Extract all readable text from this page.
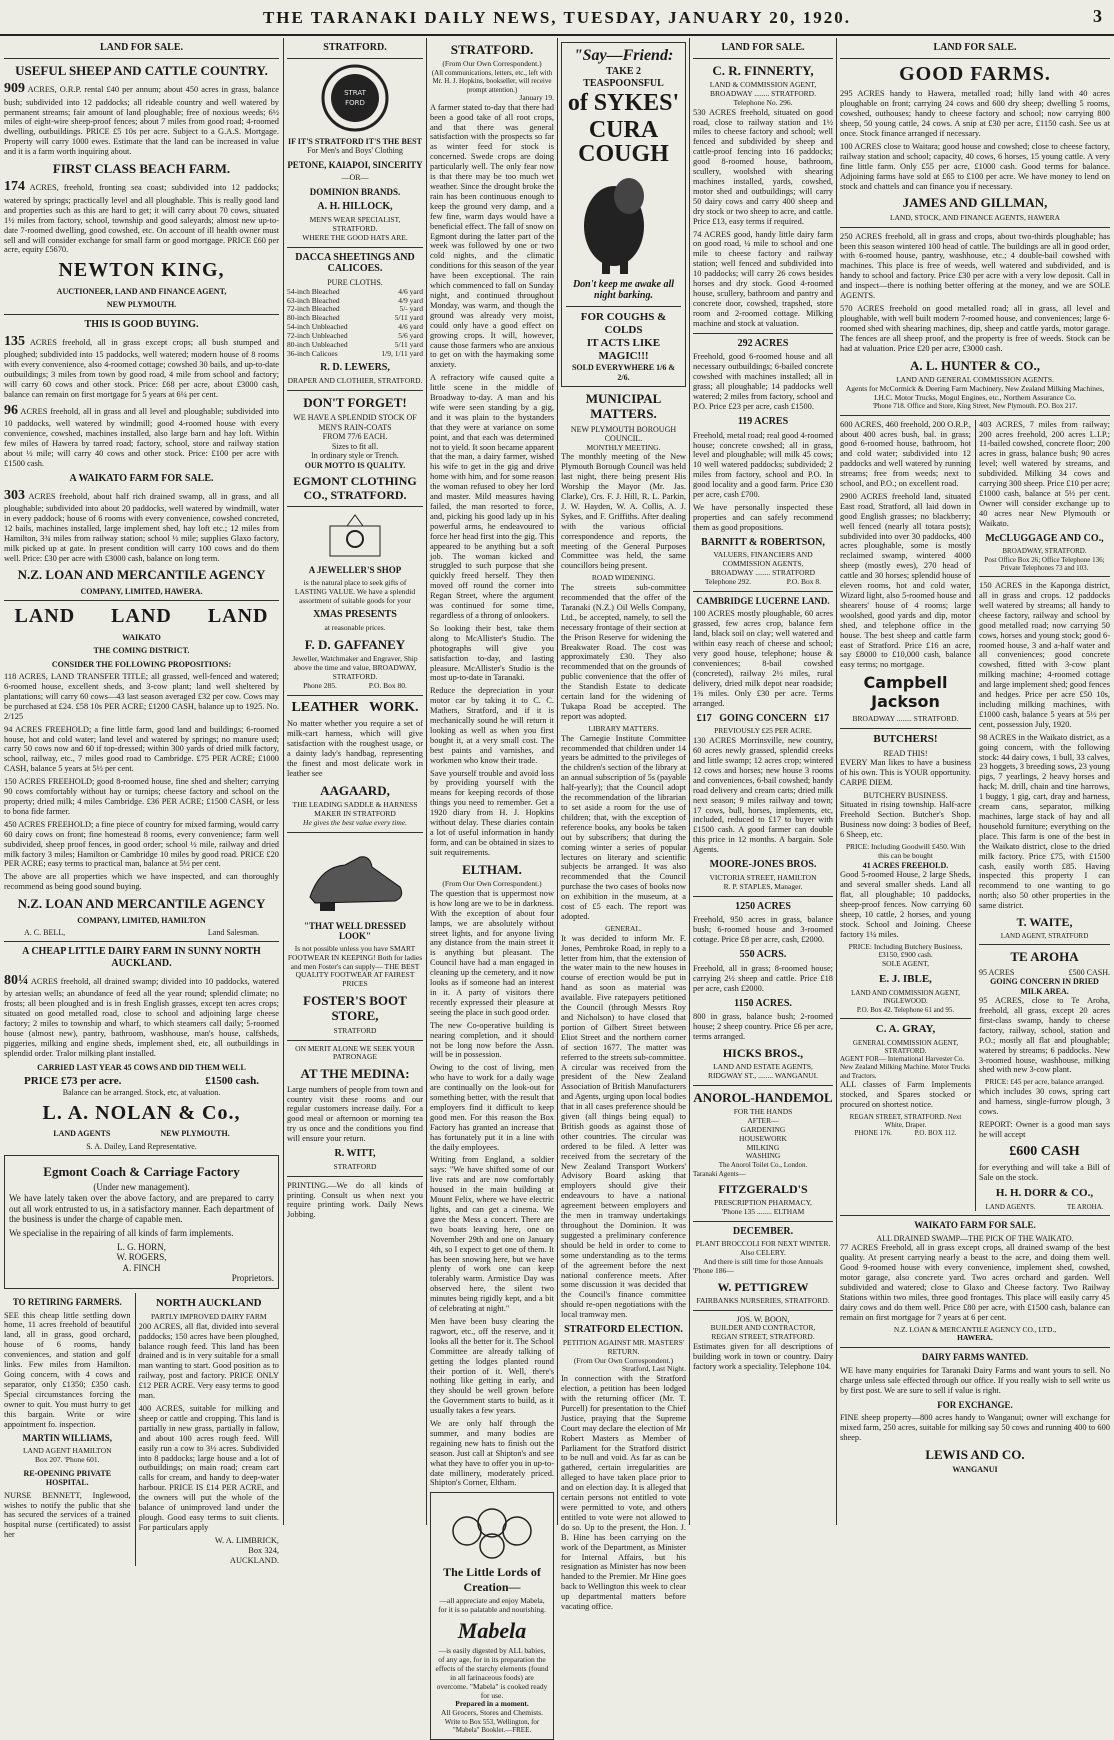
THE TARANAKI DAILY NEWS, TUESDAY, JANUARY 20, 1920.	3
LAND FOR SALE.
USEFUL SHEEP AND CATTLE COUNTRY.

909 ACRES, O.R.P. rental £40 per annum; about 450 acres in grass, balance bush; subdivided into 12 paddocks; all rideable country and well watered by permanent streams; fair amount of land ploughable; free of noxious weeds; 6½ miles of eight-wire sheep-proof fences; about 7 miles from good road; 4-roomed dwelling, outbuildings. PRICE £5 10s per acre. Subject to a G.A.S. Mortgage. Property will carry 1000 ewes. Estimate that the land can be increased in value and it is a farm worth inquiring about.

FIRST CLASS BEACH FARM.

174 ACRES, freehold, fronting sea coast; subdivided into 12 paddocks; watered by springs; practically level and all ploughable. This is really good land and properties such as this are hard to get; it will carry about 70 cows, situated 1½ miles from factory, school, township and good saleyards; almost new up-to-date 7-roomed dwelling, good cowshed, etc. On account of ill health owner must sell and will consider exchange for small farm or good mortgage. PRICE £60 per acre, equity £5670.

NEWTON KING,
AUCTIONEER, LAND AND FINANCE AGENT,
NEW PLYMOUTH.
THIS IS GOOD BUYING.

135 ACRES freehold, all in grass except crops; all bush stumped and ploughed; subdivided into 15 paddocks, well watered; modern house of 8 rooms with every convenience, also 4-roomed cottage; cowshed 30 bails, and up-to-date outbuildings; 3 miles from town by good road, 4 mile from school and factory; will carry 60 cows and other stock. Price: £68 per acre, about £3000 cash, balance can remain on first mortgage for 5 years at 6¼ per cent.

96 ACRES freehold, all in grass and all level and ploughable; subdivided into 10 paddocks, well watered by windmill; good 4-roomed house with every convenience, cowshed, machines installed, also large barn and hay loft. Within few miles of Hawera by tarred road; factory, school, store and railway station about ½ mile; will carry 40 cows and other stock. Price: £100 per acre with £1500 cash.

A WAIKATO FARM FOR SALE.

303 ACRES freehold, about half rich drained swamp, all in grass, and all ploughable; subdivided into about 20 paddocks, well watered by windmill, water in every paddock; house of 6 rooms with every convenience, cowshed concreted, 12 bails, machines installed, large implement shed, hay loft etc.; 12 miles from Hamilton, 3¾ miles from railway station; school ½ mile; supplies Glaxo factory, milk picked up at gate. In present condition will carry 100 cows and do them well. Price: £30 per acre with £3000 cash, balance on long term.

N.Z. LOAN AND MERCANTILE AGENCY
COMPANY, LIMITED, HAWERA.
LAND LAND LAND
WAIKATO
THE COMING DISTRICT.
CONSIDER THE FOLLOWING PROPOSITIONS:

118 ACRES, LAND TRANSFER TITLE; all grassed, well-fenced and watered; 6-roomed house, excellent sheds, and 3-cow plant; land well sheltered by plantations; will carry 60 cows—43 last season averaged £32 per cow. Cows may be purchased at £24. £58 10s PER ACRE; £1200 CASH, balance up to 1925. No. 2/125

94 ACRES FREEHOLD; a fine little farm, good land and buildings; 6-roomed house, hot and cold water; land level and watered by springs; no manure used; carry 50 cows now and 60 if top-dressed; within 300 yards of dried milk factory, school, railway, etc., 7 miles good road to Cambridge. £75 PER ACRE; £1000 CASH, balance 5 years at 5½ per cent.

150 ACRES FREEHOLD; good 8-roomed house, fine shed and shelter; carrying 90 cows comfortably without hay or turnips; cheese factory and school on the property; dried milk; 4 miles Cambridge. £36 PER ACRE; £1500 CASH, or less to bona fide farmer.

450 ACRES FREEHOLD; a fine piece of country for mixed farming, would carry 60 dairy cows on front; fine homestead 8 rooms, every convenience; farm well subdivided, sheep proof fences, in good order; school ½ mile, railway and dried milk factory 3 miles; Hamilton or Cambridge 10 miles by good road. PRICE £20 PER ACRE; easy terms to practical man, balance at 5½ per cent.

The above are all properties which we have inspected, and can thoroughly recommend as being good sound buying.

N.Z. LOAN AND MERCANTILE AGENCY
COMPANY, LIMITED, HAMILTON
A. C. BELL,	Land Salesman.
A CHEAP LITTLE DAIRY FARM IN SUNNY NORTH AUCKLAND.

80¼ ACRES freehold, all drained swamp; divided into 10 paddocks, watered by artesian wells; an abundance of feed all the year round; splendid climate; no frosts; all been ploughed and is in fresh English grasses, except ten acres crops; situated on good metalled road, close to school and adjoining large cheese factory; 2 miles to township and wharf, to which steamers call daily; 5-roomed house (almost new), pantry, bathroom, washhouse, man's house, calfsheds, piggeries, milking and engine sheds, implement shed, etc, all outbuildings in splendid order. Tralor milking plant installed.

CARRIED LAST YEAR 45 COWS AND DID THEM WELL
PRICE £73 per acre.	£1500 cash.
Balance can be arranged. Stock, etc, at valuation.
L. A. NOLAN & Co.,
LAND AGENTS                         NEW PLYMOUTH.
S. A. Dailey, Land Representative.
Egmont Coach & Carriage Factory
(Under new management).

We have lately taken over the above factory, and are prepared to carry out all work entrusted to us, in a satisfactory manner. Each department of the business is under the charge of capable men.

We specialise in the repairing of all kinds of farm implements.

L. G. HORN,
W. ROGERS,
A. FINCH
Proprietors.
TO RETIRING FARMERS.

SEE this cheap little settling down home, 11 acres freehold of beautiful land, all in grass, good orchard, house of 6 rooms, handy conveniences, and station and golf links. Few miles from Hamilton. Going concern, with 4 cows and separator, only £1350; £350 cash. Special circumstances forcing the owner to quit. You must hurry to get this bargain. Write or wire appointment fo. inspection.

MARTIN WILLIAMS,
LAND AGENT HAMILTON
Box 207. 'Phone 601.
RE-OPENING PRIVATE HOSPITAL.

NURSE BENNETT, Inglewood, wishes to notify the public that she has secured the services of a trained hospital nurse (certificated) to assist her

NORTH AUCKLAND
PARTLY IMPROVED DAIRY FARM

200 ACRES, all flat, divided into several paddocks; 150 acres have been ploughed, balance rough feed. This land has been drained and is in very suitable for a small man wanting to start. Good position as to railway, post and factory. PRICE ONLY £12 PER ACRE. Very easy terms to good man.

400 ACRES, suitable for milking and sheep or cattle and cropping. This land is partially in new grass, partially in fallow, and about 100 acres rough feed. Will easily run a cow to 3½ acres. Subdivided into 8 paddocks; large house and a lot of outbuildings; on main road; cream cart calls for cream, and handy to deep-water harbour. PRICE IS £14 PER ACRE, and the owners will put the whole of the balance of unimproved land under the plough. Good easy terms to suit clients. For particulars apply

W. A. LIMBRICK,
Box 324,
AUCKLAND.
STRATFORD.
STRAT
FORD
IF IT'S STRATFORD IT'S THE BEST
For Men's and Boys' Clothing
PETONE, KAIAPOI, SINCERITY
—OR—
DOMINION BRANDS.
A. H. HILLOCK,
MEN'S WEAR SPECIALIST, STRATFORD.
WHERE THE GOOD HATS ARE.
DACCA SHEETINGS AND CALICOES.
PURE CLOTHS.
54-inch Bleached	4/6 yard
63-inch Bleached	4/9 yard
72-inch Bleached	5/- yard
80-inch Bleached	5/11 yard
54-inch Unbleached	4/6 yard
72-inch Unbleached	5/6 yard
80-inch Unbleached	5/11 yard
36-inch Calicoes	1/9, 1/11 yard
R. D. LEWERS,
DRAPER AND CLOTHIER, STRATFORD.
DON'T FORGET!
WE HAVE A SPLENDID STOCK OF MEN'S RAIN-COATS
FROM 77/6 EACH.
Sizes to fit all.
In ordinary style or Trench.
OUR MOTTO IS QUALITY.
EGMONT CLOTHING CO., STRATFORD.
A JEWELLER'S SHOP
is the natural place to seek gifts of LASTING VALUE. We have a splendid assortment of suitable goods for your
XMAS PRESENTS
at reasonable prices.
F. D. GAFFANEY
Jeweller, Watchmaker and Engraver, Ship above the time and value, BROADWAY, STRATFORD.
Phone 285.                 P.O. Box 80.
LEATHER   WORK.

No matter whether you require a set of milk-cart harness, which will give satisfaction with the roughest usage, or a dainty lady's handbag, representing the finest and most delicate work in leather see

AAGAARD,
THE LEADING SADDLE & HARNESS MAKER IN STRATFORD
He gives the best value every time.
"THAT WELL DRESSED LOOK"
Is not possible unless you have SMART FOOTWEAR IN KEEPING! Both for ladies and men Foster's can supply— THE BEST QUALITY FOOTWEAR AT FAIREST PRICES
FOSTER'S BOOT STORE,
STRATFORD
ON MERIT ALONE WE SEEK YOUR PATRONAGE
AT THE MEDINA:

Large numbers of people from town and country visit these rooms and our regular customers increase daily. For a good meal or afternoon or morning tea try us once and the conditions you find will ensure your return.

R. WITT,
STRATFORD

PRINTING.—We do all kinds of printing. Consult us when next you require printing work. Daily News Jobbing.

STRATFORD.
(From Our Own Correspondent.)
(All communications, letters, etc., left with Mr. H. J. Hopkins, bookseller, will receive prompt attention.)
January 19.

A farmer stated to-day that there had been a good take of all root crops, and that there was general satisfaction with the prospects so far as winter feed for stock is concerned. Swede crops are doing particularly well. The only fear now is that there may be too much wet weather. Since the drought broke the rain has been continuous enough to keep the ground very damp, and a few fine, warm days would have a beneficial effect. The fall of snow on Egmont during the latter part of the week was followed by one or two cold nights, and the climatic conditions for this season of the year have been exceptional. The rain which commenced to fall on Sunday night, and continued throughout Monday, was warm, and though the ground was already very moist, could only have a good effect on growing crops. It will, however, cause those farmers who are anxious to get on with the haymaking some anxiety.

A refractory wife caused quite a little scene in the middle of Broadway to-day. A man and his wife were seen standing by a gig, and it was plain to the bystanders that they were at variance on some point, and that each was determined not to yield. It soon became apparent that the man, a dairy farmer, wished his wife to get in the gig and drive home with him, and for some reason the woman refused to obey her lord and master. Mild measures having failed, the man resorted to force, and, picking his good lady up in his powerful arms, he endeavoured to force her head first into the gig. This appeared to be anything but a soft job. The woman kicked and struggled to such purpose that she quickly freed herself. They then moved off round the corner into Regan Street, where the argument was continued for some time, regardless of a throng of onlookers.

So looking their best, take them along to McAllister's Studio. The photographs will give you satisfaction to-day, and lasting pleasure. McAllister's Studio is the most up-to-date in Taranaki.

Reduce the depreciation in your motor car by taking it to C. C. Mathers, Stratford, and if it is mechanically sound he will return it looking as well as when you first bought it, at a very small cost. The best paints and varnishes, and workmen who know their trade.

Save yourself trouble and avoid loss by providing yourself with the means for keeping records of those things you need to remember. Get a 1920 diary from H. J. Hopkins without delay. These diaries contain a lot of useful information in handy form, and can be obtained in sizes to suit requirements.

ELTHAM.
(From Our Own Correspondent.)

The question that is uppermost now is how long are we to be in darkness. With the exception of about four lamps, we are absolutely without street lights, and for anyone living any distance from the main street it is anything but pleasant. The Council have had a man engaged in cleaning up the cemetery, and it now looks as if someone had an interest in it. A party of visitors there recently expressed their pleasure at seeing the place in such good order.

The new Co-operative building is nearing completion, and it should not be long now before the Assn. will be in possession.

Owing to the cost of living, men who have to work for a daily wage are continually on the look-out for something better, with the result that employers find it difficult to keep good men. For this reason the Box Factory has granted an increase that has fortunately put it in a line with the daily employees.

Writing from England, a soldier says: "We have shifted some of our live rats and are now comfortably housed in the main building at Mount Felix, where we have electric lights, and can get a cinema. We gave the Mess a concert. There are two boats leaving here, one on November 29th and one on January 4th, so I expect to get one of them. It has been snowing here, but we have plenty of work one can keep tolerably warm. Armistice Day was observed here, the silent two minutes being rigidly kept, and a bit of celebrating at night."

Men have been busy clearing the ragwort, etc., off the reserve, and it looks all the better for it. The School Committee are already talking of getting the lodges planted round their portion of it. Well, there's nothing like getting in early, and they should be well grown before the Government starts to build, as it usually takes a few years.

We are only half through the summer, and many bodies are regaining new hats to finish out the season. Just call at Shipton's and see what they have to offer you in up-to-date millinery, moderately priced. Shipton's Corner, Eltham.

The Little Lords of Creation—
—all appreciate and enjoy Mabela, for it is so palatable and nourishing.
Mabela
—is easily digested by ALL babies, of any age, for in its preparation the effects of the starchy elements (found in all farinaceous foods) are overcome. "Mabela" is cooked ready for use.
Prepared in a moment.
All Grocers, Stores and Chemists.
Write to Box 553, Wellington, for "Mabela" Booklet.—FREE.
"Say—Friend:
TAKE 2 TEASPOONSFUL
of SYKES'
CURA COUGH
Don't keep me awake all night barking.
FOR COUGHS & COLDS
IT ACTS LIKE MAGIC!!!
SOLD EVERYWHERE 1/6 & 2/6.
MUNICIPAL MATTERS.
NEW PLYMOUTH BOROUGH COUNCIL.
MONTHLY MEETING.

The monthly meeting of the New Plymouth Borough Council was held last night, there being present His Worship the Mayor (Mr. Jas. Clarke), Crs. F. J. Hill, R. L. Parkin, J. W. Hayden, W. A. Collis, A. J. Sykes, and F. Griffiths. After dealing with the various official correspondence and reports, the meeting of the General Purposes Committee was held, the same councillors being present.

ROAD WIDENING.

The streets sub-committee recommended that the offer of the Taranaki (N.Z.) Oil Wells Company, Ltd., be accepted, namely, to sell the necessary frontage of their section at the Prison Reserve for widening the Breakwater Road. The cost was approximately £30. They also recommended that on the grounds of public convenience that the offer of the Standish Estate to dedicate certain land for the widening of Tukapa Road be accepted. The report was adopted.

LIBRARY MATTERS.

The Carnegie Institute Committee recommended that children under 14 years be admitted to the privileges of the children's section of the library at an annual subscription of 5s (payable half-yearly); that the Council adopt the recommendation of the librarian to set aside a room for the use of children; that, with the exception of reference books, any books be taken out by subscribers; that during the coming winter a series of popular lectures on literary and scientific subjects be arranged. It was also recommended that the Council purchase the two cases of books now on exhibition in the museum, at a cost of £5 each. The report was adopted.

GENERAL.

It was decided to inform Mr. F. Jones, Pembroke Road, in reply to a letter from him, that the extension of the water main to the new houses in course of erection would be put in hand as soon as material was available. Five ratepayers petitioned the Council (through Messrs Roy and Nicholson) to have closed that portion of Gilbert Street between Eliot Street and the northern corner of section 1677. The matter was referred to the streets sub-committee. A circular was received from the president of the New Zealand Association of British Manufacturers and Agents, urging upon local bodies that in all cases preference should be given (all things being equal) to British goods as against those of other countries. The circular was ordered to be filed. A letter was received from the secretary of the New Zealand Transport Workers' Advisory Board asking that employers should give their endeavours to have a national agreement between employers and the men in tramway undertakings throughout the Dominion. It was suggested a preliminary conference should be held in order to come to some understanding as to the terms of the agreement before the next national conference meets. After some discussion it was decided that the Council's finance committee should re-open negotiations with the local tramway men.

STRATFORD ELECTION.
PETITION AGAINST MR. MASTERS' RETURN.
(From Our Own Correspondent.)
Stratford, Last Night.

In connection with the Stratford election, a petition has been lodged with the returning officer (Mr. T. Purcell) for presentation to the Chief Justice, praying that the Supreme Court may declare the election of Mr Robert Masters as Member of Parliament for the Stratford district to be null and void. As far as can be gathered, certain irregularities are alleged to have taken place prior to and on election day. It is alleged that certain persons not entitled to vote were permitted to vote, and others entitled to vote were not allowed to do so. Up to the present, the Hon. J. B. Hine has been carrying on the work of the Department, as Minister for Internal Affairs, but his resignation as Minister has now been handed to the Premier. Mr Hine goes back to Wellington this week to clear up departmental matters before vacating office.

LAND FOR SALE.
C. R. FINNERTY,
LAND & COMMISSION AGENT,
BROADWAY ........ STRATFORD.
Telephone No. 296.

530 ACRES freehold, situated on good road, close to railway station and 1½ miles to cheese factory and school; well fenced and subdivided by sheep and cattle-proof fencing into 16 paddocks; good 8-roomed house, bathroom, scullery, woolshed with shearing machines installed, yards, cowshed, motor shed and outbuildings; will carry 50 dairy cows and carry 400 sheep and dry stock or two sheep to acre, and cattle. Price £13, easy terms if required.

74 ACRES good, handy little dairy farm on good road, ¼ mile to school and one mile to cheese factory and railway station; well fenced and subdivided into 10 paddocks; will carry 26 cows besides horses and dry stock. Good 4-roomed house, scullery, bathroom and pantry and concrete door, cowshed, trapshed, store room and 2-roomed cottage. Milking machine and stock at valuation.

292 ACRES

Freehold, good 6-roomed house and all necessary outbuildings; 6-bailed concrete cowshed with machines installed; all in grass; all ploughable; 14 paddocks well watered; 2 miles from factory, school and P.O. Price £23 per acre, cash £1500.

119 ACRES

Freehold, metal road; real good 4-roomed house; concrete cowshed; all in grass, level and ploughable; will milk 45 cows; 10 well watered paddocks; subdivided; 2 miles from factory, school and P.O. In good locality and a good farm. Price £30 per acre, cash £700.

We have personally inspected these properties and can safely recommend them as good propositions.

BARNITT & ROBERTSON,
VALUERS, FINANCIERS AND COMMISSION AGENTS,
BROADWAY ........ STRATFORD
Telephone 292.                   P.O. Box 8.
CAMBRIDGE LUCERNE LAND.

100 ACRES mostly ploughable, 60 acres grassed, few acres crop, balance fern land, black soil on clay; well watered and within easy reach of cheese and school; very good house, telephone; house & conveniences; 8-bail cowshed (concreted), railway 2½ miles, rural delivery, dried milk depot near roadside; 1¾ miles. Only £30 per acre. Terms arranged.

£17   GOING CONCERN   £17
PREVIOUSLY £25 PER ACRE.

130 ACRES Morrinsville, new country, 60 acres newly grassed, splendid creeks and little swamp; 12 acres crop; wintered 12 cows and horses; new house 3 rooms and conveniences, 6-bail cowshed; handy road delivery and cream carts; dried milk next season; 9 miles railway and town; 17 cows, bull, horses, implements, etc, included, reduced to £17 to buyer with £1500 cash. A good farmer can double this price in 12 months. A bargain. Sole Agents.

MOORE-JONES BROS.
VICTORIA STREET, HAMILTON
R. P. STAPLES, Manager.
1250 ACRES

Freehold, 950 acres in grass, balance bush; 6-roomed house and 3-roomed cottage. Price £8 per acre, cash, £2000.

550 ACRS.

Freehold, all in grass; 8-roomed house; carrying 2½ sheep and cattle. Price £18 per acre, cash £2000.

1150 ACRES.

800 in grass, balance bush; 2-roomed house; 2 sheep country. Price £6 per acre, terms arranged.

HICKS BROS.,
LAND AND ESTATE AGENTS,
RIDGWAY ST., ........ WANGANUI.
ANOROL-HANDEMOL
FOR THE HANDS
AFTER—
GARDENING
HOUSEWORK
MILKING
WASHING
The Anorol Toilet Co., London.
Taranaki Agents—
FITZGERALD'S
PRESCRIPTION PHARMACY,
'Phone 135 ........ ELTHAM
DECEMBER.
PLANT BROCCOLI FOR NEXT WINTER.
Also CELERY.
And there is still time for those Annuals
'Phone 186—
W. PETTIGREW
FAIRBANKS NURSERIES, STRATFORD.
JOS. W. BOON,
BUILDER AND CONTRACTOR,
REGAN STREET, STRATFORD.

Estimates given for all descriptions of building work in town or country. Dairy factory work a speciality. Telephone 104.

LAND FOR SALE.
GOOD FARMS.

295 ACRES handy to Hawera, metalled road; hilly land with 40 acres ploughable on front; carrying 24 cows and 600 dry sheep; dwelling 5 rooms, cowshed, outhouses; handy to cheese factory and school; now carrying 800 sheep, 50 young cattle, 24 cows. A snip at £30 per acre, £1150 cash. See us at once. Stock finance arranged if necessary.

100 ACRES close to Waitara; good house and cowshed; close to cheese factory, railway station and school; capacity, 40 cows, 6 horses, 15 young cattle. A very fine little farm. Only £55 per acre, £1000 cash. Good terms for balance. Adjoining farms have sold at £65 to £100 per acre. We have money to lend on stock and chattels and can finance you if necessary.

JAMES AND GILLMAN,
LAND, STOCK, AND FINANCE AGENTS, HAWERA

250 ACRES freehold, all in grass and crops, about two-thirds ploughable; has been this season wintered 100 head of cattle. The buildings are all in good order, with 6-roomed house, pantry, washhouse, etc.; 4 double-bail cowshed with machines. This place is free of weeds, well watered and subdivided, and is handy to school and factory. Price £30 per acre with a very low deposit. Call in and inspect—there is nothing better offering at the money, and we are SOLE AGENTS.

570 ACRES freehold on good metalled road; all in grass, all level and ploughable, with well built modern 7-roomed house, and conveniences; large 6-roomed shed with shearing machines, dip, sheep and cattle yards, motor garage. The fences are all sheep proof, and the property is free of weeds. Stock can be had at valuation. Price £20 per acre, £3000 cash.

A. L. HUNTER & CO.,
LAND AND GENERAL COMMISSION AGENTS.
Agents for McCormick & Deering Farm Machinery, New Zealand Milking Machines, I.H.C. Motor Trucks, Mogul Engines, etc., Northern Assurance Co.
'Phone 718. Office and Store, King Street, New Plymouth. P.O. Box 217.

600 ACRES, 460 freehold, 200 O.R.P., about 400 acres bush, bal. in grass; good 6-roomed house, bathroom, hot and cold water; subdivided into 12 paddocks and well watered by running streams; free from weeds; next to school, and P.O.; on excellent road.

2900 ACRES freehold land, situated East road, Stratford, all laid down in good English grasses; no blackberry; well fenced (nearly all totara posts); subdivided into over 30 paddocks, 400 acres ploughable, some is mostly reclaimed swamp, wintered 4000 sheep (mostly ewes), 270 head of cattle and 30 horses; splendid house of eleven rooms, hot and cold water, Wizard light, also 5-roomed house and shearers' house of 4 rooms; large woolshed, good yards and dip, motor shed, and telephone office in the house. The best sheep and cattle farm east of Stratford. Price £16 an acre, say £8000 to £10,000 cash, balance easy terms; no mortgage.

Campbell Jackson
BROADWAY ........ STRATFORD.
BUTCHERS!
READ THIS!

EVERY Man likes to have a business of his own. This is YOUR opportunity. CARPE DIEM.

BUTCHERY BUSINESS.

Situated in rising township. Half-acre Freehold Section. Butcher's Shop. Business now doing: 3 bodies of Beef, 6 Sheep, etc.

PRICE: Including Goodwill £450. With this can be bought
41 ACRES FREEHOLD.

Good 5-roomed House, 2 large Sheds, and several smaller sheds. Land all flat, all ploughable; 10 paddocks, sheep-proof fences. Now carrying 60 sheep, 10 cattle, 2 horses, and young stock. School and Joining. Cheese factory 1¼ miles.

PRICE: Including Butchery Business, £3150, £900 cash.
SOLE AGENT,
E. J. IBLE,
LAND AND COMMISSION AGENT, INGLEWOOD.
P.O. Box 42. Telephone 61 and 95.
C. A. GRAY,
GENERAL COMMISSION AGENT, STRATFORD.
AGENT FOR— International Harvester Co. New Zealand Milking Machine. Motor Trucks and Tractors.

ALL classes of Farm Implements stocked, and Spares stocked or procured on shortest notice.

REGAN STREET, STRATFORD. Next White, Draper.
PHONE 176.             P.O. BOX 112.

403 ACRES, 7 miles from railway; 200 acres freehold, 200 acres L.I.P.; 11-bailed cowshed, concrete floor; 200 acres in grass, balance bush; 90 acres level; well watered by streams, and subdivided. Milking 34 cows and carrying 300 sheep. Price £10 per acre; £1000 cash, balance at 5½ per cent. Owner will consider exchange up to 40 acres near New Plymouth or Waikato.

McCLUGGAGE AND CO.,
BROADWAY, STRATFORD.
Post Office Box 26; Office Telephone 136; Private Telephones 73 and 103.

150 ACRES in the Kaponga district, all in grass and crops. 12 paddocks well watered by streams; all handy to cheese factory, railway and school by good metalled road; now carrying 50 cows, horses and young stock; good 6-roomed house, 3 and a-half water and all conveniences; good concrete cowshed, fitted with 3-cow plant milking machine; 4-roomed cottage and large implement shed; good fences and hedges. Price per acre £50 10s, including milking machines, with £1000 cash, balance 5 years at 5½ per cent, possession July, 1920.

98 ACRES in the Waikato district, as a going concern, with the following stock: 44 dairy cows, 1 bull, 33 calves, 23 hoggets, 3 breeding sows, 23 young pigs, 7 yearlings, 2 heavy horses and hack; M. drill, chain and tine harrows, 1 buggy, 1 gig, cart, dray and harness, cream cans, separator, milking machines, large stack of hay and all household furniture; everything on the place. This farm is one of the best in the Waikato district, close to the dried milk factory. Price £75, with £1500 cash, easily worth £85. Having inspected this property I can recommend to one wanting to go north; also 50 other properties in the same district.

T. WAITE,
LAND AGENT, STRATFORD
TE AROHA
95 ACRES	£500 CASH.
GOING CONCERN IN DRIED MILK AREA.

95 ACRES, close to Te Aroha, freehold, all grass, except 20 acres first-class swamp, handy to cheese factory, railway, school, station and P.O.; mostly all flat and ploughable; watered by streams; 6 paddocks. New 3-roomed house, washhouse, milking shed with new 3-cow plant.

PRICE: £45 per acre, balance arranged.

which includes 30 cows, spring cart and harness, single-furrow plough, 3 cows.

REPORT: Owner is a good man says he will accept

£600 CASH

for everything and will take a Bill of Sale on the stock.

H. H. DORR & CO.,
LAND AGENTS.                  TE AROHA.
WAIKATO FARM FOR SALE.
ALL DRAINED SWAMP—THE PICK OF THE WAIKATO.

77 ACRES Freehold, all in grass except crops, all drained swamp of the best quality. At present carrying nearly a beast to the acre, and doing them well. Good 9-roomed house with every convenience, implement shed, cowshed, motor garage, also concrete yard. Two acres orchard and garden. Well subdivided and watered; close to Glaxo and Cheese factory. Two Railway Stations within two miles, three good frontages. This place will easily carry 45 dairy cows and do them well. Price £80 per acre, with £1500 cash, balance can remain on first mortgage for 7 years at 6 per cent.

N.Z. LOAN & MERCANTILE AGENCY CO., LTD.,
HAWERA.
DAIRY FARMS WANTED.

WE have many enquiries for Taranaki Dairy Farms and want yours to sell. No charge unless sale effected through our office. If you really wish to sell write us by first post. We are sure to sell if value is right.

FOR EXCHANGE.

FINE sheep property—800 acres handy to Wanganui; owner will exchange for mixed farm, 250 acres, suitable for milking say 50 cows and running 400 to 600 sheep.

LEWIS AND CO.
WANGANUI
